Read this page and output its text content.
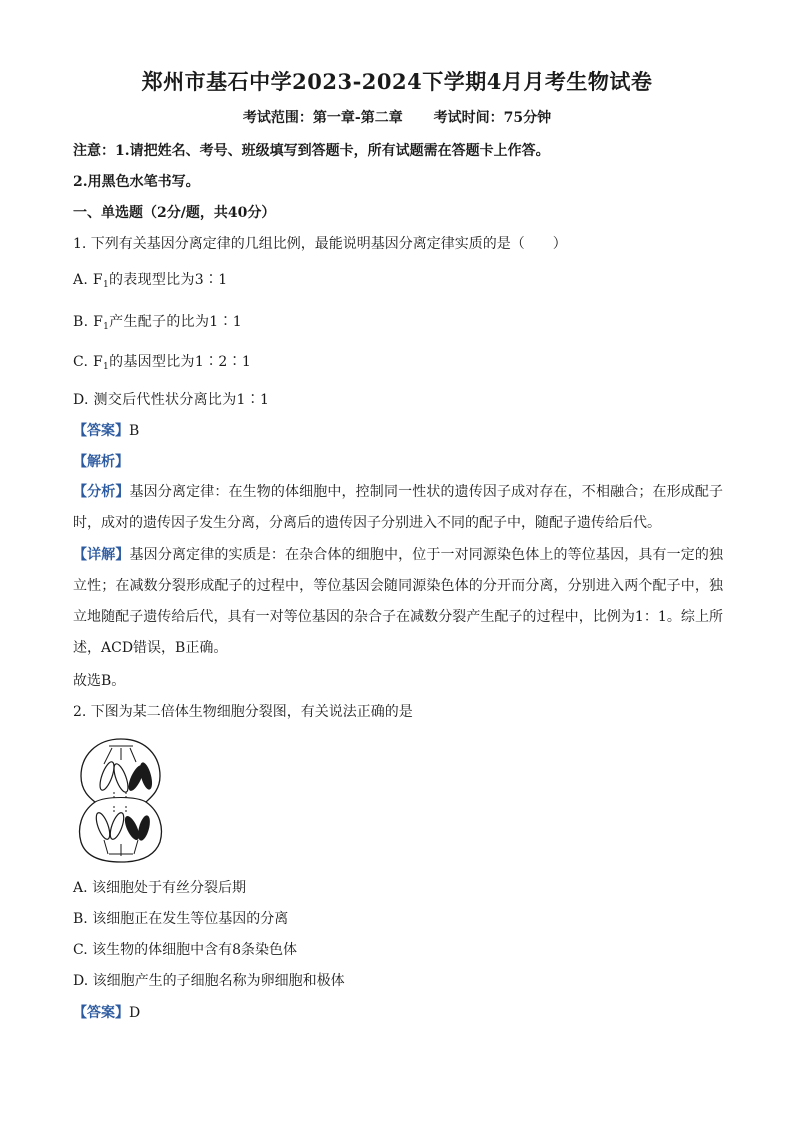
郑州市基石中学2023-2024下学期4月月考生物试卷
考试范围：第一章-第二章 考试时间：75分钟
注意：1.请把姓名、考号、班级填写到答题卡，所有试题需在答题卡上作答。
2.用黑色水笔书写。
一、单选题（2分/题，共40分）
1. 下列有关基因分离定律的几组比例，最能说明基因分离定律实质的是（　　）
A. $F_1$的表现型比为3∶1
B. $F_1$产生配子的比为1∶1
C. $F_1$的基因型比为1∶2∶1
D. 测交后代性状分离比为1∶1
【答案】B
【解析】
【分析】基因分离定律：在生物的体细胞中，控制同一性状的遗传因子成对存在，不相融合；在形成配子时，成对的遗传因子发生分离，分离后的遗传因子分别进入不同的配子中，随配子遗传给后代。
【详解】基因分离定律的实质是：在杂合体的细胞中，位于一对同源染色体上的等位基因，具有一定的独立性；在减数分裂形成配子的过程中，等位基因会随同源染色体的分开而分离，分别进入两个配子中，独立地随配子遗传给后代，具有一对等位基因的杂合子在减数分裂产生配子的过程中，比例为1：1。综上所述，ACD错误，B正确。
故选B。
2. 下图为某二倍体生物细胞分裂图，有关说法正确的是
A. 该细胞处于有丝分裂后期
B. 该细胞正在发生等位基因的分离
C. 该生物的体细胞中含有8条染色体
D. 该细胞产生的子细胞名称为卵细胞和极体
【答案】D
